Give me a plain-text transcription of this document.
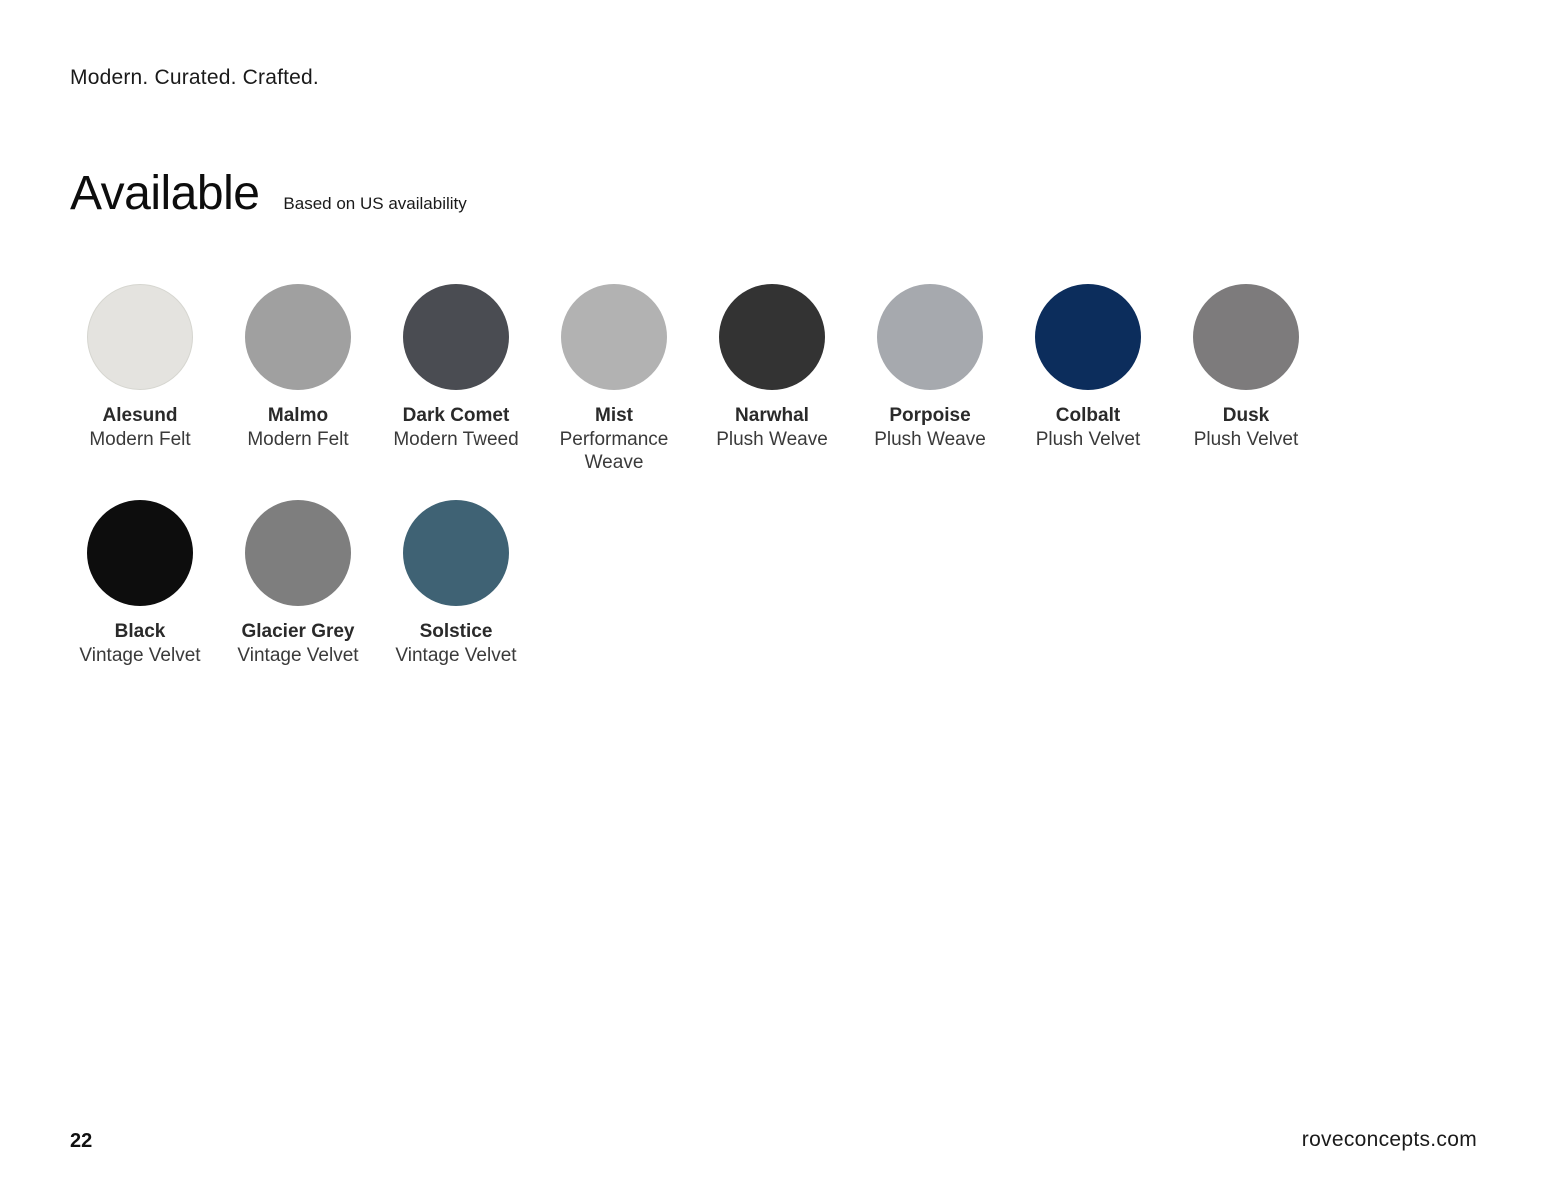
Modern. Curated. Crafted.
Available Based on US availability
Alesund
Modern Felt
Malmo
Modern Felt
Dark Comet
Modern Tweed
Mist
Performance Weave
Narwhal
Plush Weave
Porpoise
Plush Weave
Colbalt
Plush Velvet
Dusk
Plush Velvet
Black
Vintage Velvet
Glacier Grey
Vintage Velvet
Solstice
Vintage Velvet
22	roveconcepts.com
